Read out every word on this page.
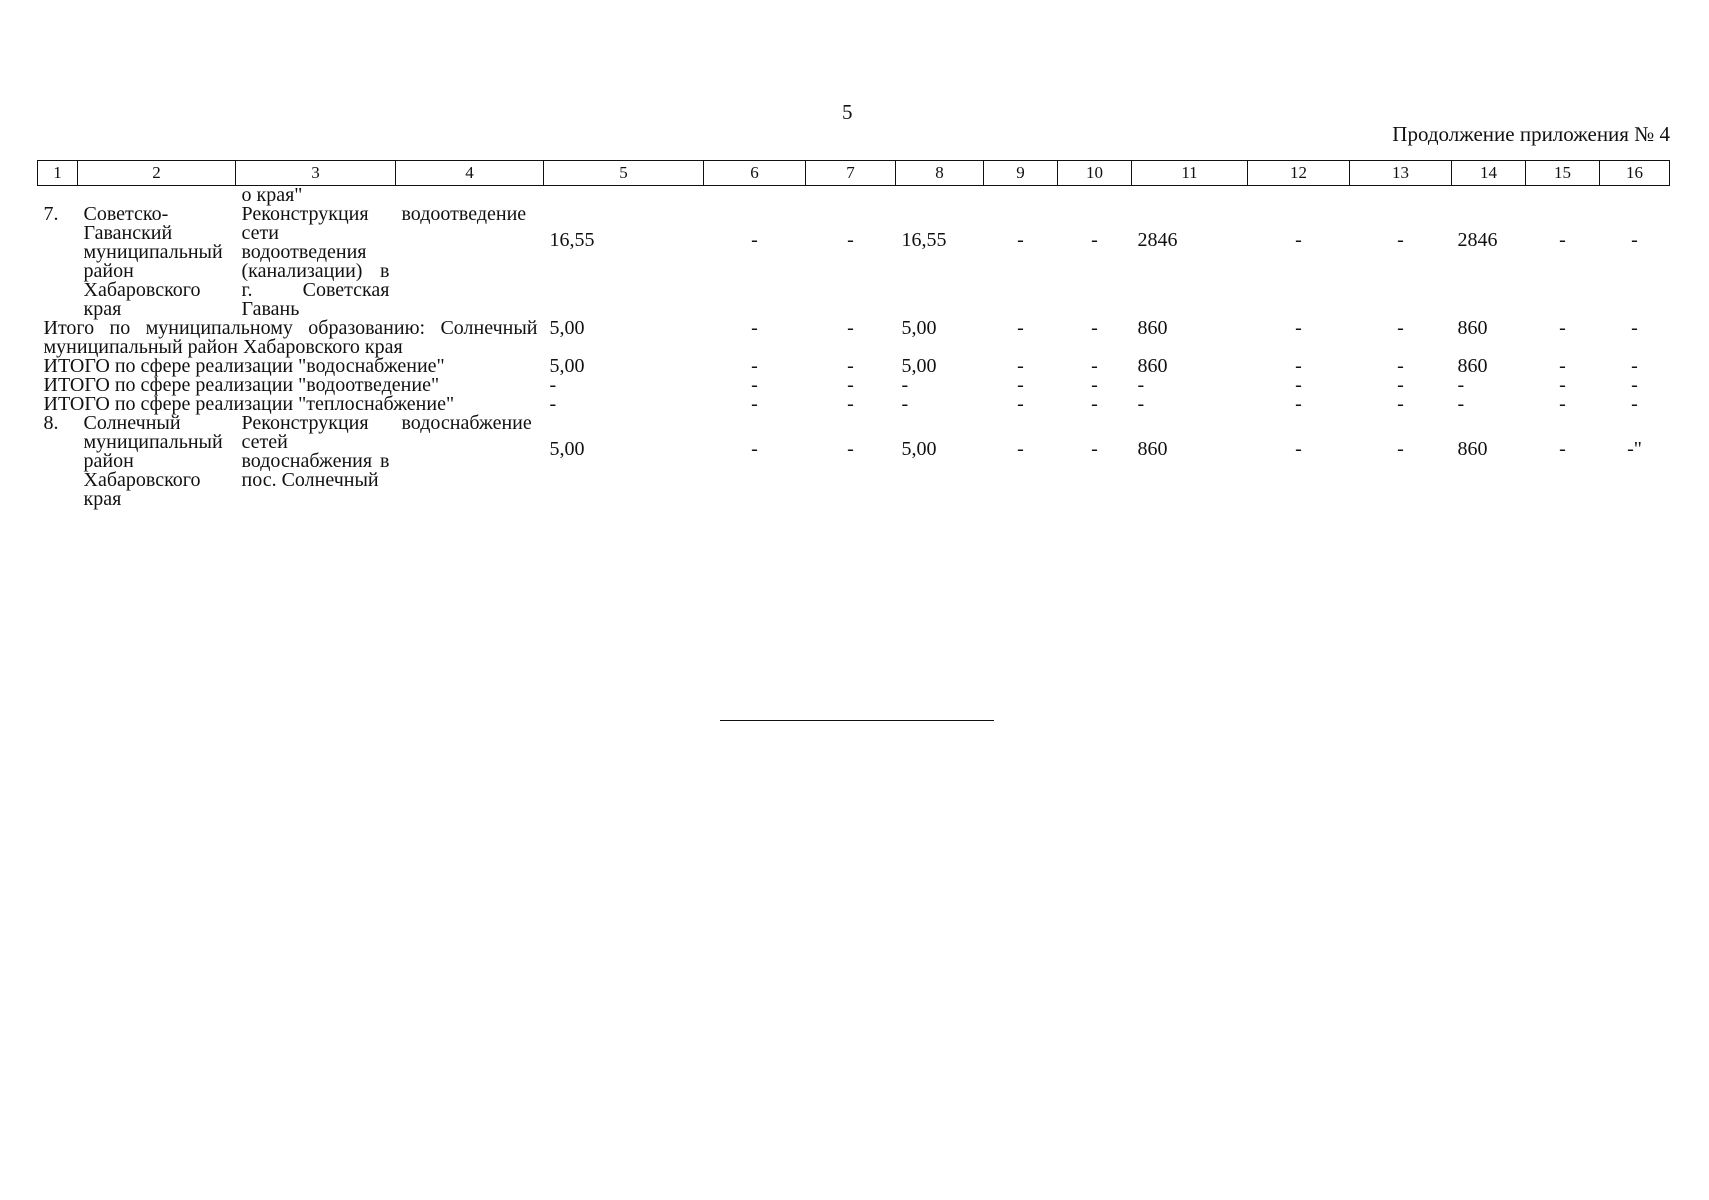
5
Продолжение приложения № 4
1	2	3	4	5	6	7	8	9	10	11	12	13	14	15	16
		о края"													
7.	Советско-Гаванский муниципальный район Хабаровского края	Реконструкция сети водоотведения (канализации) в г. Советская Гавань	водоотведение	16,55	-	-	16,55	-	-	2846	-	-	2846	-	-
Итого по муниципальному образованию: Солнечный муниципальный район Хабаровского края				5,00	-	-	5,00	-	-	860	-	-	860	-	-
ИТОГО по сфере реализации "водоснабжение"				5,00	-	-	5,00	-	-	860	-	-	860	-	-
ИТОГО по сфере реализации "водоотведение"				-	-	-	-	-	-	-	-	-	-	-	-
ИТОГО по сфере реализации "теплоснабжение"				-	-	-	-	-	-	-	-	-	-	-	-
8.	Солнечный муниципальный район Хабаровского края	Реконструкция сетей водоснабжения в пос. Солнечный	водоснабжение	5,00	-	-	5,00	-	-	860	-	-	860	-	-"
